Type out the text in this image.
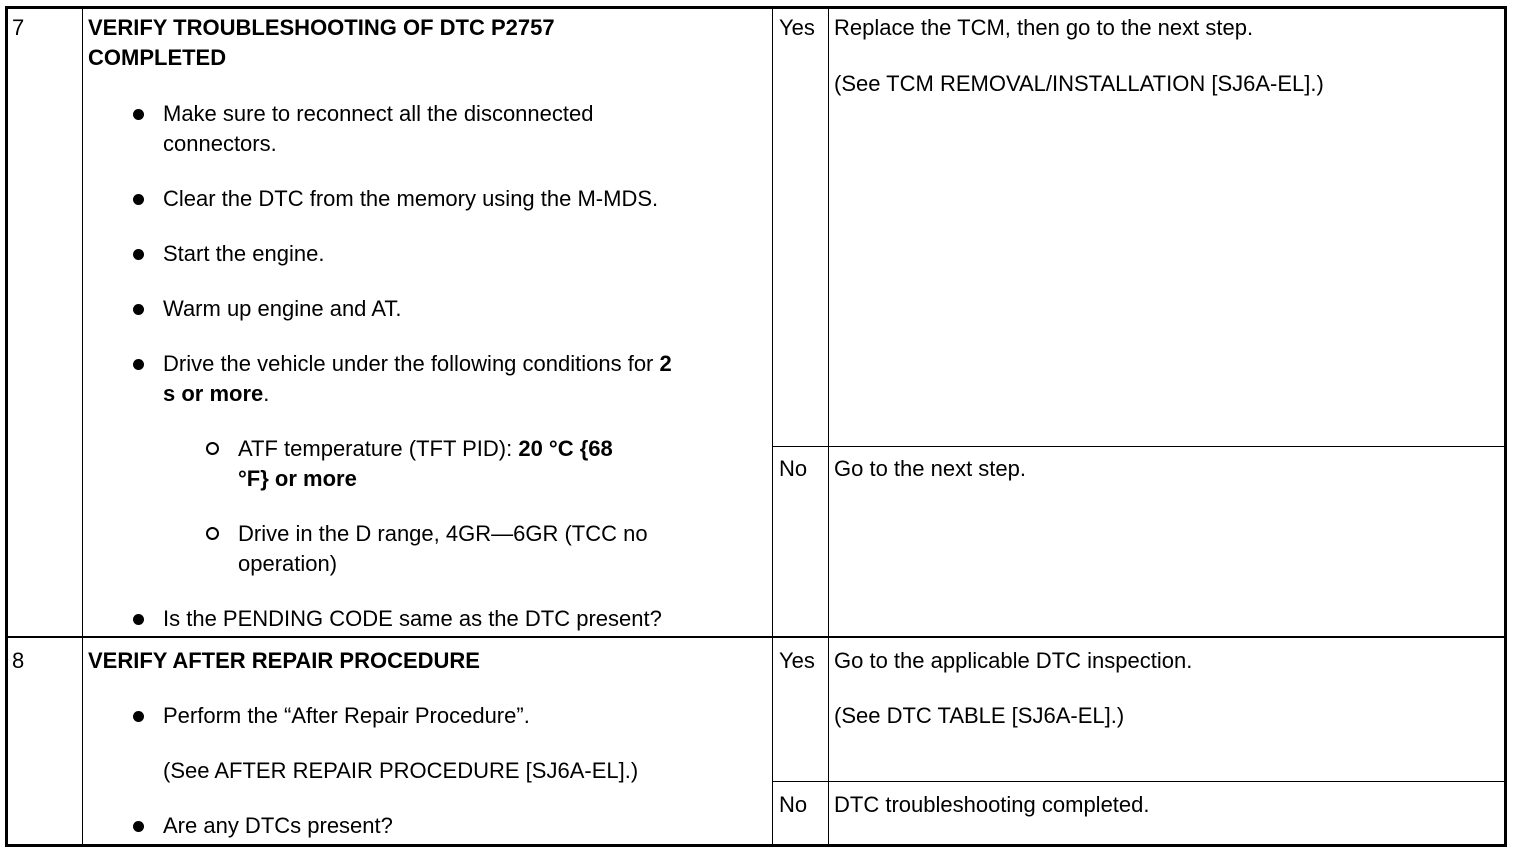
7	VERIFY TROUBLESHOOTING OF DTC P2757
COMPLETED
Make sure to reconnect all the disconnected
connectors.
Clear the DTC from the memory using the M-MDS.
Start the engine.
Warm up engine and AT.
Drive the vehicle under the following conditions for 2
s or more.
ATF temperature (TFT PID): 20 °C {68
°F} or more
Drive in the D range, 4GR—6GR (TCC no
operation)
Is the PENDING CODE same as the DTC present?
Yes Replace the TCM, then go to the next step.
(See TCM REMOVAL/INSTALLATION [SJ6A-EL].)
No Go to the next step.
8	VERIFY AFTER REPAIR PROCEDURE
Perform the “After Repair Procedure”.
(See AFTER REPAIR PROCEDURE [SJ6A-EL].)
Are any DTCs present?
Yes Go to the applicable DTC inspection.
(See DTC TABLE [SJ6A-EL].)
No DTC troubleshooting completed.
